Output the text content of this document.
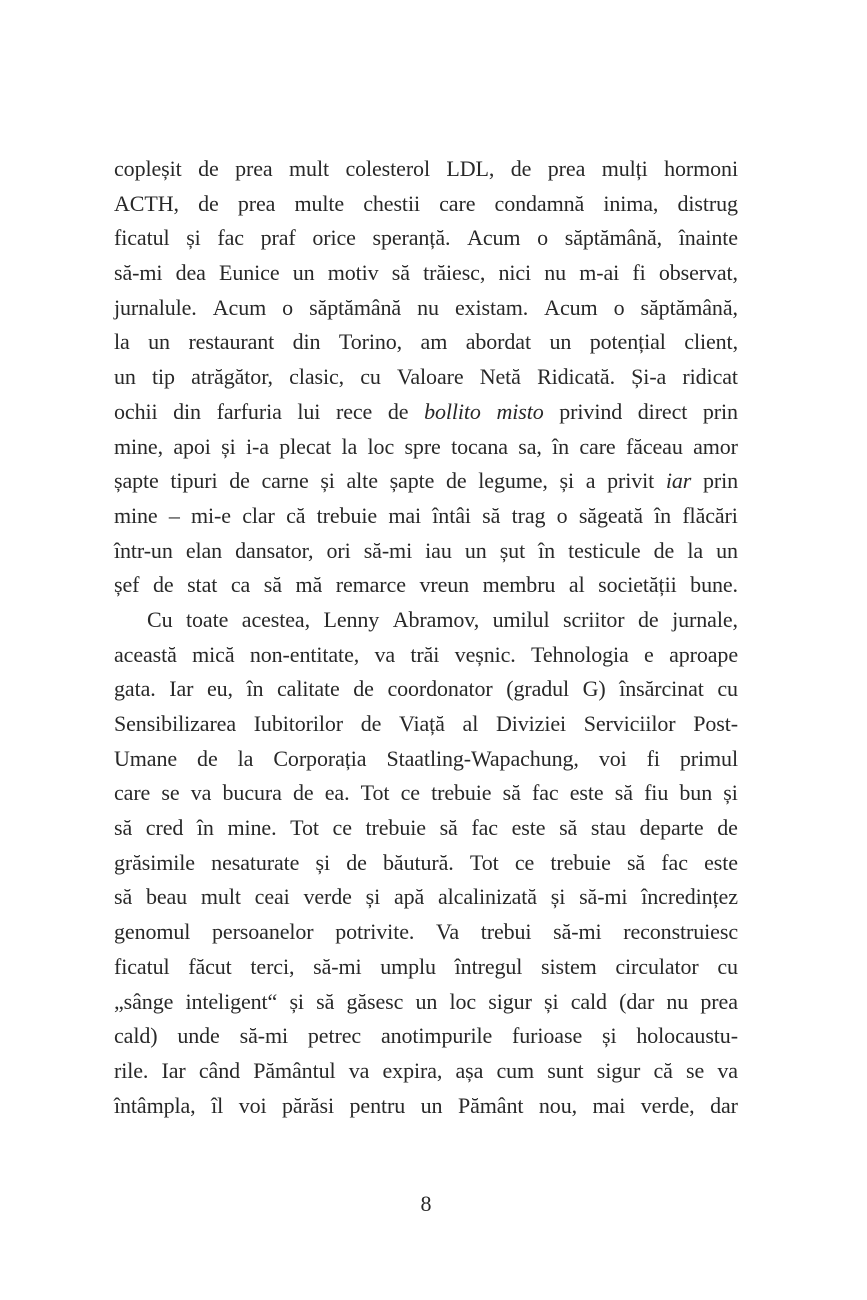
copleșit de prea mult colesterol LDL, de prea mulți hormoni
ACTH, de prea multe chestii care condamnă inima, distrug
ficatul și fac praf orice speranță. Acum o săptămână, înainte
să-mi dea Eunice un motiv să trăiesc, nici nu m-ai fi observat,
jurnalule. Acum o săptămână nu existam. Acum o săptămână,
la un restaurant din Torino, am abordat un potențial client,
un tip atrăgător, clasic, cu Valoare Netă Ridicată. Și-a ridicat
ochii din farfuria lui rece de bollito misto privind direct prin
mine, apoi și i-a plecat la loc spre tocana sa, în care făceau amor
șapte tipuri de carne și alte șapte de legume, și a privit iar prin
mine – mi-e clar că trebuie mai întâi să trag o săgeată în flăcări
într-un elan dansator, ori să-mi iau un șut în testicule de la un
șef de stat ca să mă remarce vreun membru al societății bune.
Cu toate acestea, Lenny Abramov, umilul scriitor de jurnale,
această mică non-entitate, va trăi veșnic. Tehnologia e aproape
gata. Iar eu, în calitate de coordonator (gradul G) însărcinat cu
Sensibilizarea Iubitorilor de Viață al Diviziei Serviciilor Post-
Umane de la Corporația Staatling-Wapachung, voi fi primul
care se va bucura de ea. Tot ce trebuie să fac este să fiu bun și
să cred în mine. Tot ce trebuie să fac este să stau departe de
grăsimile nesaturate și de băutură. Tot ce trebuie să fac este
să beau mult ceai verde și apă alcalinizată și să-mi încredințez
genomul persoanelor potrivite. Va trebui să-mi reconstruiesc
ficatul făcut terci, să-mi umplu întregul sistem circulator cu
„sânge inteligent“ și să găsesc un loc sigur și cald (dar nu prea
cald) unde să-mi petrec anotimpurile furioase și holocaustu-
rile. Iar când Pământul va expira, așa cum sunt sigur că se va
întâmpla, îl voi părăsi pentru un Pământ nou, mai verde, dar
8
